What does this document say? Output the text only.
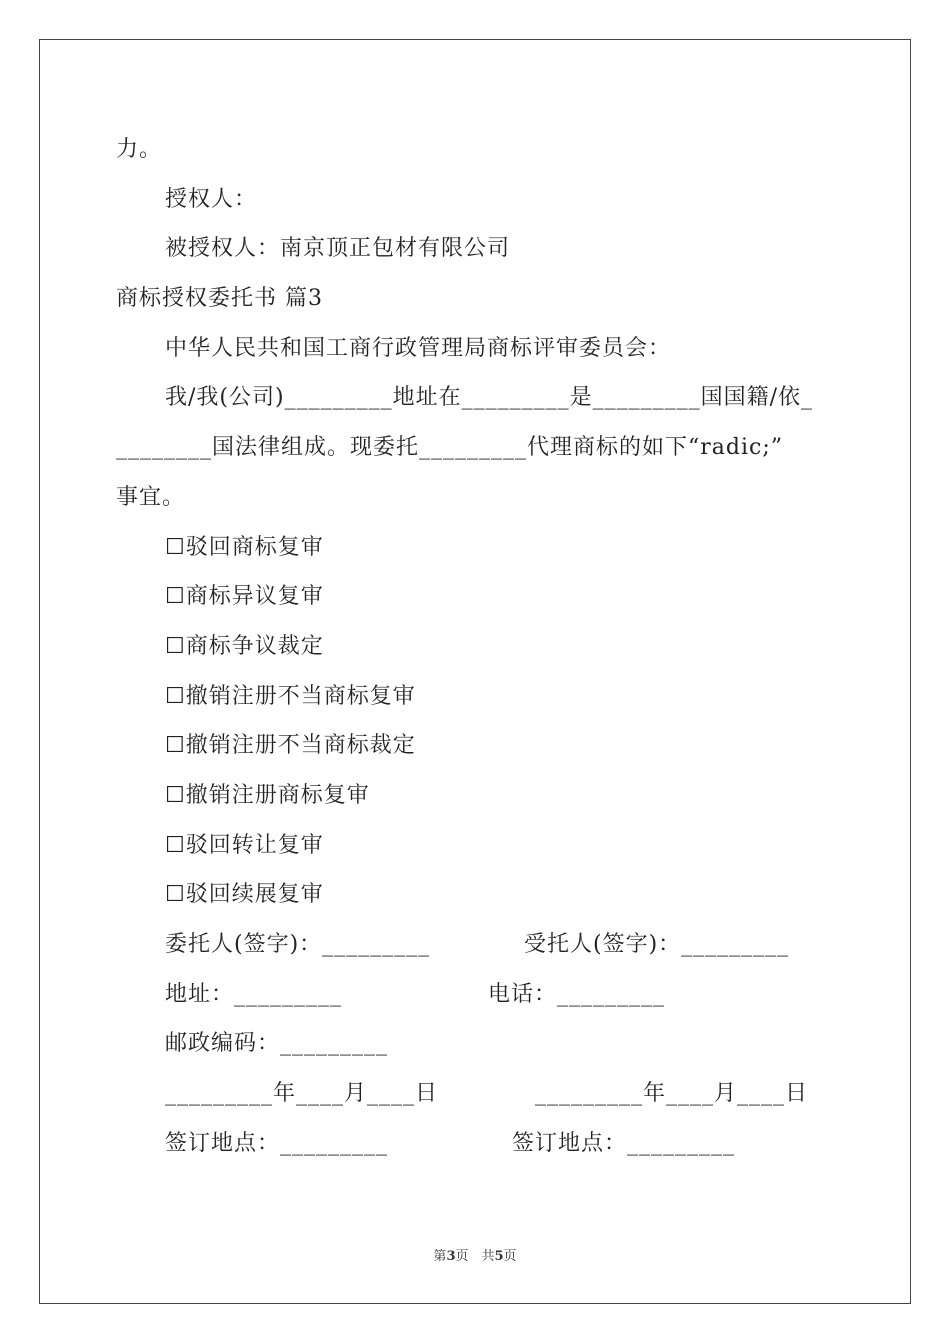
力。
授权人：
被授权人：南京顶正包材有限公司
商标授权委托书 篇3
中华人民共和国工商行政管理局商标评审委员会：
我/我(公司)_________地址在_________是_________国国籍/依_
________国法律组成。现委托_________代理商标的如下“radic;”
事宜。
☐驳回商标复审
☐商标异议复审
☐商标争议裁定
☐撤销注册不当商标复审
☐撤销注册不当商标裁定
☐撤销注册商标复审
☐驳回转让复审
☐驳回续展复审
委托人(签字)：_________	受托人(签字)：_________
地址：_________	电话：_________
邮政编码：_________
_________年____月____日	_________年____月____日
签订地点：_________	签订地点：_________
第3页　共5页
